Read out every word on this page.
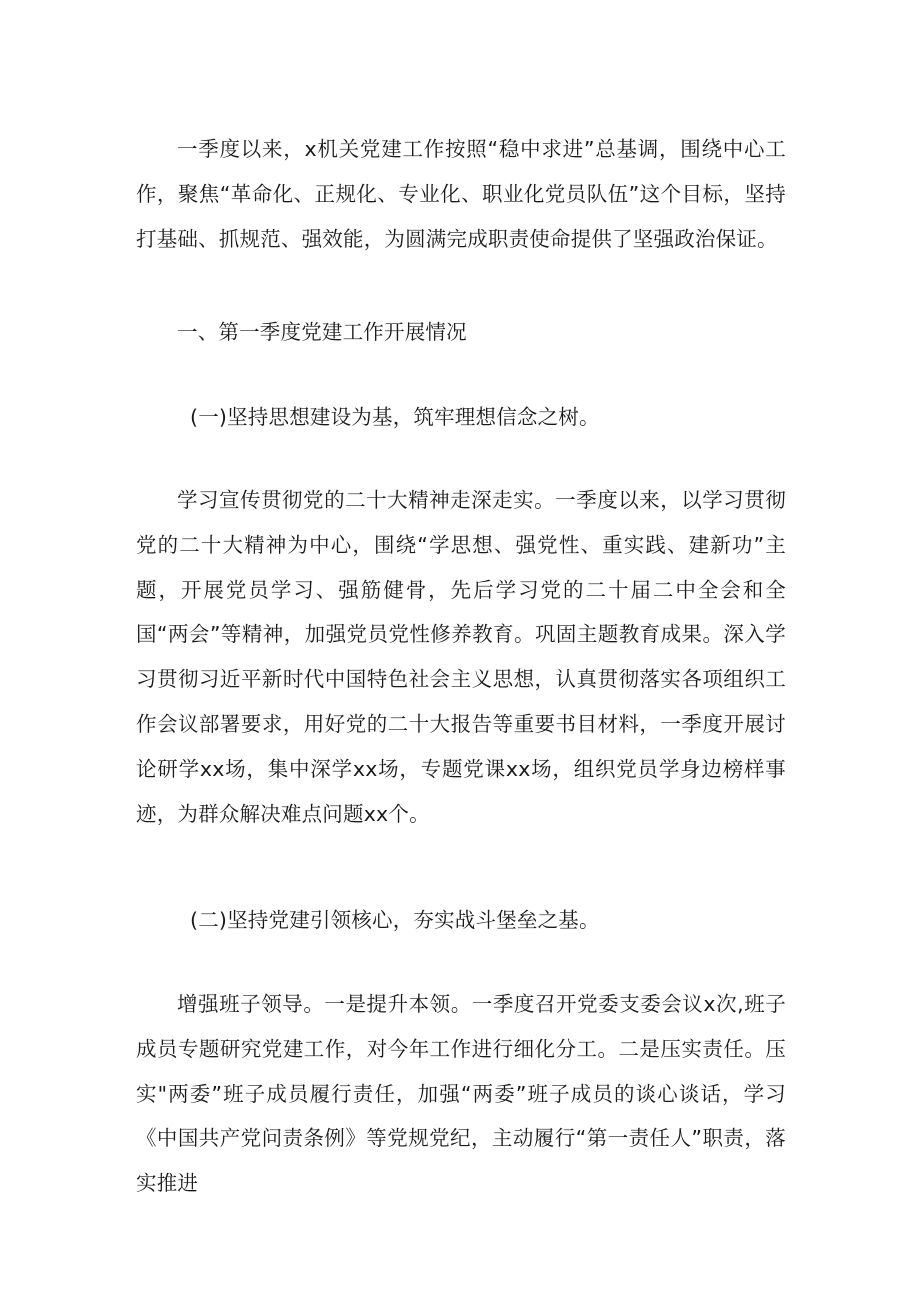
一季度以来，x机关党建工作按照“稳中求进”总基调，围绕中心工作，聚焦“革命化、正规化、专业化、职业化党员队伍”这个目标，坚持打基础、抓规范、强效能，为圆满完成职责使命提供了坚强政治保证。

一、第一季度党建工作开展情况

(一)坚持思想建设为基，筑牢理想信念之树。

学习宣传贯彻党的二十大精神走深走实。一季度以来，以学习贯彻党的二十大精神为中心，围绕“学思想、强党性、重实践、建新功”主题，开展党员学习、强筋健骨，先后学习党的二十届二中全会和全国“两会”等精神，加强党员党性修养教育。巩固主题教育成果。深入学习贯彻习近平新时代中国特色社会主义思想，认真贯彻落实各项组织工作会议部署要求，用好党的二十大报告等重要书目材料，一季度开展讨论研学xx场，集中深学xx场，专题党课xx场，组织党员学身边榜样事迹，为群众解决难点问题xx个。

(二)坚持党建引领核心，夯实战斗堡垒之基。

增强班子领导。一是提升本领。一季度召开党委支委会议x次,班子成员专题研究党建工作，对今年工作进行细化分工。二是压实责任。压实"两委”班子成员履行责任，加强“两委”班子成员的谈心谈话，学习《中国共产党问责条例》等党规党纪，主动履行“第一责任人”职责，落实推进
